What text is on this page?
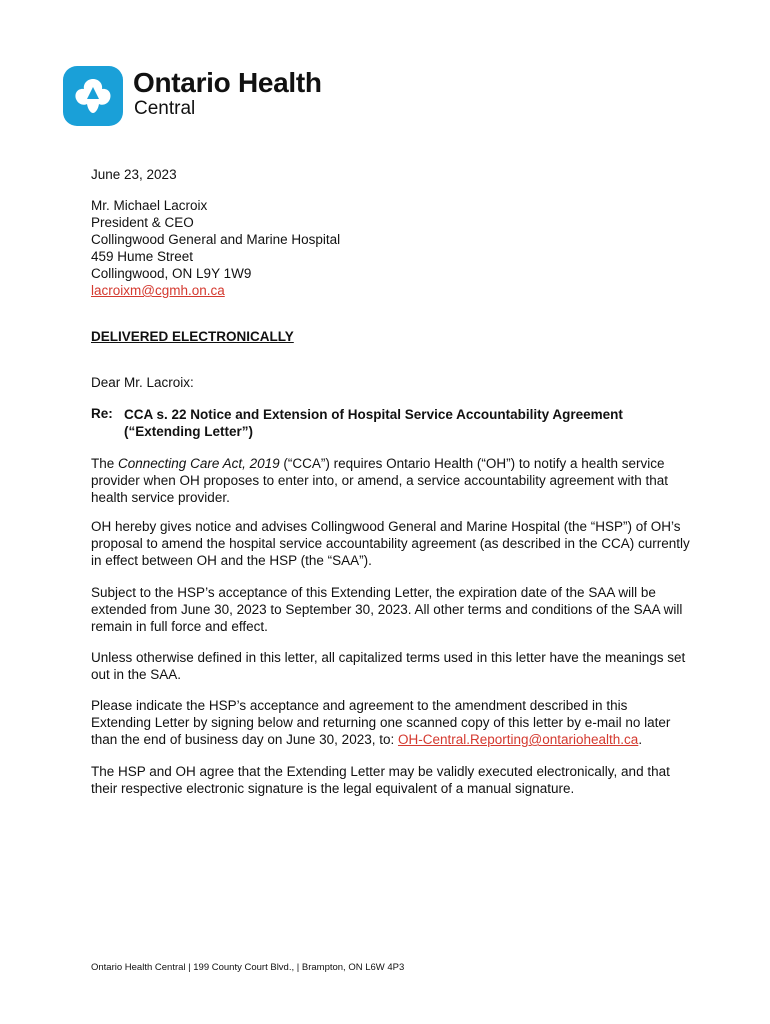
Ontario Health
Central
June 23, 2023
Mr. Michael Lacroix
President & CEO
Collingwood General and Marine Hospital
459 Hume Street
Collingwood, ON L9Y 1W9
lacroixm@cgmh.on.ca
DELIVERED ELECTRONICALLY
Dear Mr. Lacroix:
Re: CCA s. 22 Notice and Extension of Hospital Service Accountability Agreement
(“Extending Letter”)
The Connecting Care Act, 2019 (“CCA”) requires Ontario Health (“OH”) to notify a health service provider when OH proposes to enter into, or amend, a service accountability agreement with that health service provider.
OH hereby gives notice and advises Collingwood General and Marine Hospital (the “HSP”) of OH’s proposal to amend the hospital service accountability agreement (as described in the CCA) currently in effect between OH and the HSP (the “SAA”).
Subject to the HSP’s acceptance of this Extending Letter, the expiration date of the SAA will be extended from June 30, 2023 to September 30, 2023. All other terms and conditions of the SAA will remain in full force and effect.
Unless otherwise defined in this letter, all capitalized terms used in this letter have the meanings set out in the SAA.
Please indicate the HSP’s acceptance and agreement to the amendment described in this Extending Letter by signing below and returning one scanned copy of this letter by e-mail no later than the end of business day on June 30, 2023, to: OH-Central.Reporting@ontariohealth.ca.
The HSP and OH agree that the Extending Letter may be validly executed electronically, and that their respective electronic signature is the legal equivalent of a manual signature.
Ontario Health Central | 199 County Court Blvd., | Brampton, ON L6W 4P3
